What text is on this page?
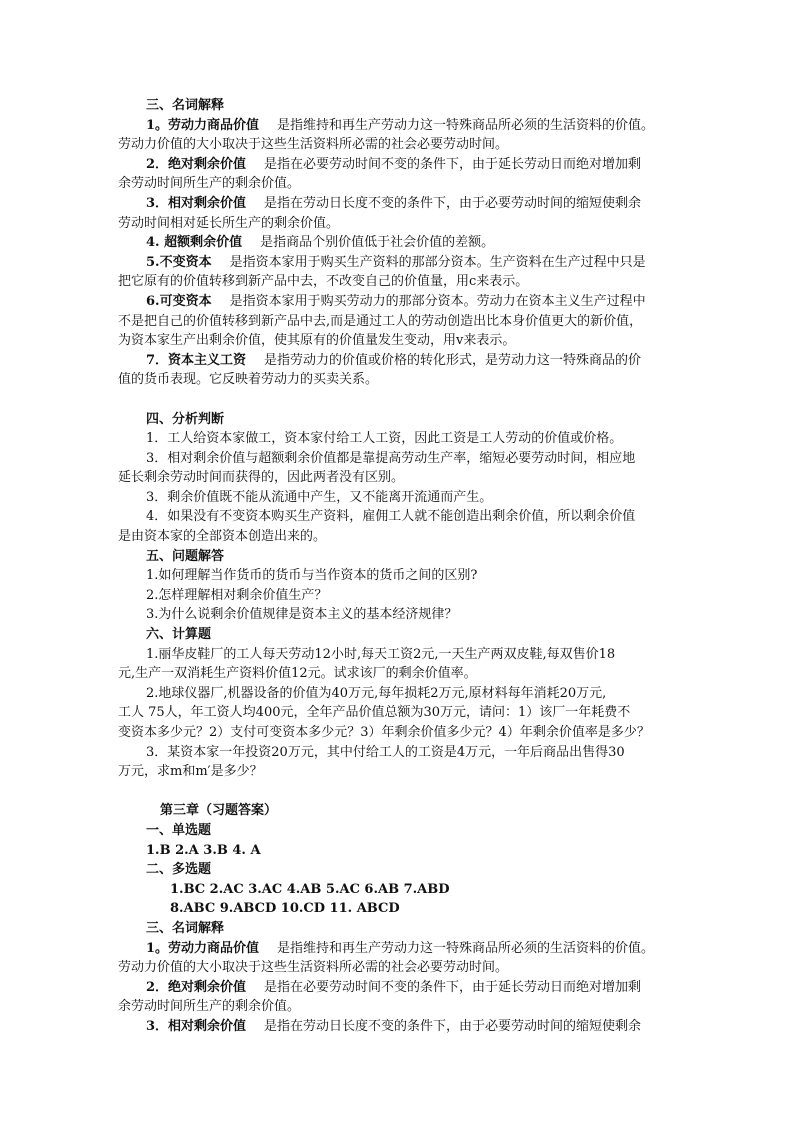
三、名词解释
1。劳动力商品价值 是指维持和再生产劳动力这一特殊商品所必须的生活资料的价值。
劳动力价值的大小取决于这些生活资料所必需的社会必要劳动时间。
2．绝对剩余价值 是指在必要劳动时间不变的条件下，由于延长劳动日而绝对增加剩
余劳动时间所生产的剩余价值。
3．相对剩余价值 是指在劳动日长度不变的条件下，由于必要劳动时间的缩短使剩余
劳动时间相对延长所生产的剩余价值。
4. 超额剩余价值 是指商品个别价值低于社会价值的差额。
5.不变资本 是指资本家用于购买生产资料的那部分资本。生产资料在生产过程中只是
把它原有的价值转移到新产品中去，不改变自己的价值量，用c来表示。
6.可变资本 是指资本家用于购买劳动力的那部分资本。劳动力在资本主义生产过程中
不是把自己的价值转移到新产品中去,而是通过工人的劳动创造出比本身价值更大的新价值，
为资本家生产出剩余价值，使其原有的价值量发生变动，用v来表示。
7．资本主义工资 是指劳动力的价值或价格的转化形式，是劳动力这一特殊商品的价
值的货币表现。它反映着劳动力的买卖关系。
四、分析判断
1．工人给资本家做工，资本家付给工人工资，因此工资是工人劳动的价值或价格。
3．相对剩余价值与超额剩余价值都是靠提高劳动生产率，缩短必要劳动时间，相应地
延长剩余劳动时间而获得的，因此两者没有区别。
3．剩余价值既不能从流通中产生，又不能离开流通而产生。
4．如果没有不变资本购买生产资料，雇佣工人就不能创造出剩余价值，所以剩余价值
是由资本家的全部资本创造出来的。
五、问题解答
1.如何理解当作货币的货币与当作资本的货币之间的区别?
2.怎样理解相对剩余价值生产？
3.为什么说剩余价值规律是资本主义的基本经济规律？
六、计算题
1.丽华皮鞋厂的工人每天劳动12小时,每天工资2元,一天生产两双皮鞋,每双售价18
元,生产一双消耗生产资料价值12元。试求该厂的剩余价值率。
2.地球仪器厂,机器设备的价值为40万元,每年损耗2万元,原材料每年消耗20万元,
工人 75人，年工资人均400元，全年产品价值总额为30万元，请问：1）该厂一年耗费不
变资本多少元？2）支付可变资本多少元？3）年剩余价值多少元？4）年剩余价值率是多少？
3．某资本家一年投资20万元，其中付给工人的工资是4万元，一年后商品出售得30
万元，求m和m′是多少？
第三章（习题答案）
一、单选题
1.B 2.A 3.B 4. A
二、多选题
1.BC 2.AC 3.AC 4.AB 5.AC 6.AB 7.ABD
8.ABC 9.ABCD 10.CD 11. ABCD
三、名词解释
1。劳动力商品价值 是指维持和再生产劳动力这一特殊商品所必须的生活资料的价值。
劳动力价值的大小取决于这些生活资料所必需的社会必要劳动时间。
2．绝对剩余价值 是指在必要劳动时间不变的条件下，由于延长劳动日而绝对增加剩
余劳动时间所生产的剩余价值。
3．相对剩余价值 是指在劳动日长度不变的条件下，由于必要劳动时间的缩短使剩余
